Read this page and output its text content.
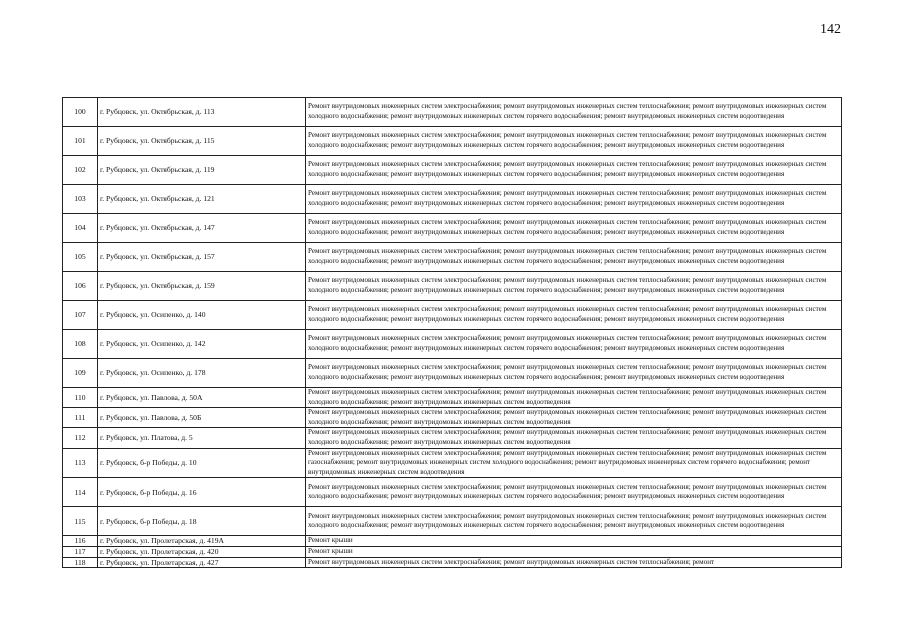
142
100	г. Рубцовск, ул. Октябрьская, д. 113	Ремонт внутридомовых инженерных систем электроснабжения; ремонт внутридомовых инженерных систем теплоснабжения; ремонт внутридомовых инженерных систем холодного водоснабжения; ремонт внутридомовых инженерных систем горячего водоснабжения; ремонт внутридомовых инженерных систем водоотведения
101	г. Рубцовск, ул. Октябрьская, д. 115	Ремонт внутридомовых инженерных систем электроснабжения; ремонт внутридомовых инженерных систем теплоснабжения; ремонт внутридомовых инженерных систем холодного водоснабжения; ремонт внутридомовых инженерных систем горячего водоснабжения; ремонт внутридомовых инженерных систем водоотведения
102	г. Рубцовск, ул. Октябрьская, д. 119	Ремонт внутридомовых инженерных систем электроснабжения; ремонт внутридомовых инженерных систем теплоснабжения; ремонт внутридомовых инженерных систем холодного водоснабжения; ремонт внутридомовых инженерных систем горячего водоснабжения; ремонт внутридомовых инженерных систем водоотведения
103	г. Рубцовск, ул. Октябрьская, д. 121	Ремонт внутридомовых инженерных систем электроснабжения; ремонт внутридомовых инженерных систем теплоснабжения; ремонт внутридомовых инженерных систем холодного водоснабжения; ремонт внутридомовых инженерных систем горячего водоснабжения; ремонт внутридомовых инженерных систем водоотведения
104	г. Рубцовск, ул. Октябрьская, д. 147	Ремонт внутридомовых инженерных систем электроснабжения; ремонт внутридомовых инженерных систем теплоснабжения; ремонт внутридомовых инженерных систем холодного водоснабжения; ремонт внутридомовых инженерных систем горячего водоснабжения; ремонт внутридомовых инженерных систем водоотведения
105	г. Рубцовск, ул. Октябрьская, д. 157	Ремонт внутридомовых инженерных систем электроснабжения; ремонт внутридомовых инженерных систем теплоснабжения; ремонт внутридомовых инженерных систем холодного водоснабжения; ремонт внутридомовых инженерных систем горячего водоснабжения; ремонт внутридомовых инженерных систем водоотведения
106	г. Рубцовск, ул. Октябрьская, д. 159	Ремонт внутридомовых инженерных систем электроснабжения; ремонт внутридомовых инженерных систем теплоснабжения; ремонт внутридомовых инженерных систем холодного водоснабжения; ремонт внутридомовых инженерных систем горячего водоснабжения; ремонт внутридомовых инженерных систем водоотведения
107	г. Рубцовск, ул. Осипенко, д. 140	Ремонт внутридомовых инженерных систем электроснабжения; ремонт внутридомовых инженерных систем теплоснабжения; ремонт внутридомовых инженерных систем холодного водоснабжения; ремонт внутридомовых инженерных систем горячего водоснабжения; ремонт внутридомовых инженерных систем водоотведения
108	г. Рубцовск, ул. Осипенко, д. 142	Ремонт внутридомовых инженерных систем электроснабжения; ремонт внутридомовых инженерных систем теплоснабжения; ремонт внутридомовых инженерных систем холодного водоснабжения; ремонт внутридомовых инженерных систем горячего водоснабжения; ремонт внутридомовых инженерных систем водоотведения
109	г. Рубцовск, ул. Осипенко, д. 178	Ремонт внутридомовых инженерных систем электроснабжения; ремонт внутридомовых инженерных систем теплоснабжения; ремонт внутридомовых инженерных систем холодного водоснабжения; ремонт внутридомовых инженерных систем горячего водоснабжения; ремонт внутридомовых инженерных систем водоотведения
110	г. Рубцовск, ул. Павлова, д. 50А	Ремонт внутридомовых инженерных систем электроснабжения; ремонт внутридомовых инженерных систем теплоснабжения; ремонт внутридомовых инженерных систем холодного водоснабжения; ремонт внутридомовых инженерных систем водоотведения
111	г. Рубцовск, ул. Павлова, д. 50Б	Ремонт внутридомовых инженерных систем электроснабжения; ремонт внутридомовых инженерных систем теплоснабжения; ремонт внутридомовых инженерных систем холодного водоснабжения; ремонт внутридомовых инженерных систем водоотведения
112	г. Рубцовск, ул. Платова, д. 5	Ремонт внутридомовых инженерных систем электроснабжения; ремонт внутридомовых инженерных систем теплоснабжения; ремонт внутридомовых инженерных систем холодного водоснабжения; ремонт внутридомовых инженерных систем водоотведения
113	г. Рубцовск, б-р Победы, д. 10	Ремонт внутридомовых инженерных систем электроснабжения; ремонт внутридомовых инженерных систем теплоснабжения; ремонт внутридомовых инженерных систем газоснабжения; ремонт внутридомовых инженерных систем холодного водоснабжения; ремонт внутридомовых инженерных систем горячего водоснабжения; ремонт внутридомовых инженерных систем водоотведения
114	г. Рубцовск, б-р Победы, д. 16	Ремонт внутридомовых инженерных систем электроснабжения; ремонт внутридомовых инженерных систем теплоснабжения; ремонт внутридомовых инженерных систем холодного водоснабжения; ремонт внутридомовых инженерных систем горячего водоснабжения; ремонт внутридомовых инженерных систем водоотведения
115	г. Рубцовск, б-р Победы, д. 18	Ремонт внутридомовых инженерных систем электроснабжения; ремонт внутридомовых инженерных систем теплоснабжения; ремонт внутридомовых инженерных систем холодного водоснабжения; ремонт внутридомовых инженерных систем горячего водоснабжения; ремонт внутридомовых инженерных систем водоотведения
116	г. Рубцовск, ул. Пролетарская, д. 419А	Ремонт крыши
117	г. Рубцовск, ул. Пролетарская, д. 420	Ремонт крыши
118	г. Рубцовск, ул. Пролетарская, д. 427	Ремонт внутридомовых инженерных систем электроснабжения; ремонт внутридомовых инженерных систем теплоснабжения; ремонт
